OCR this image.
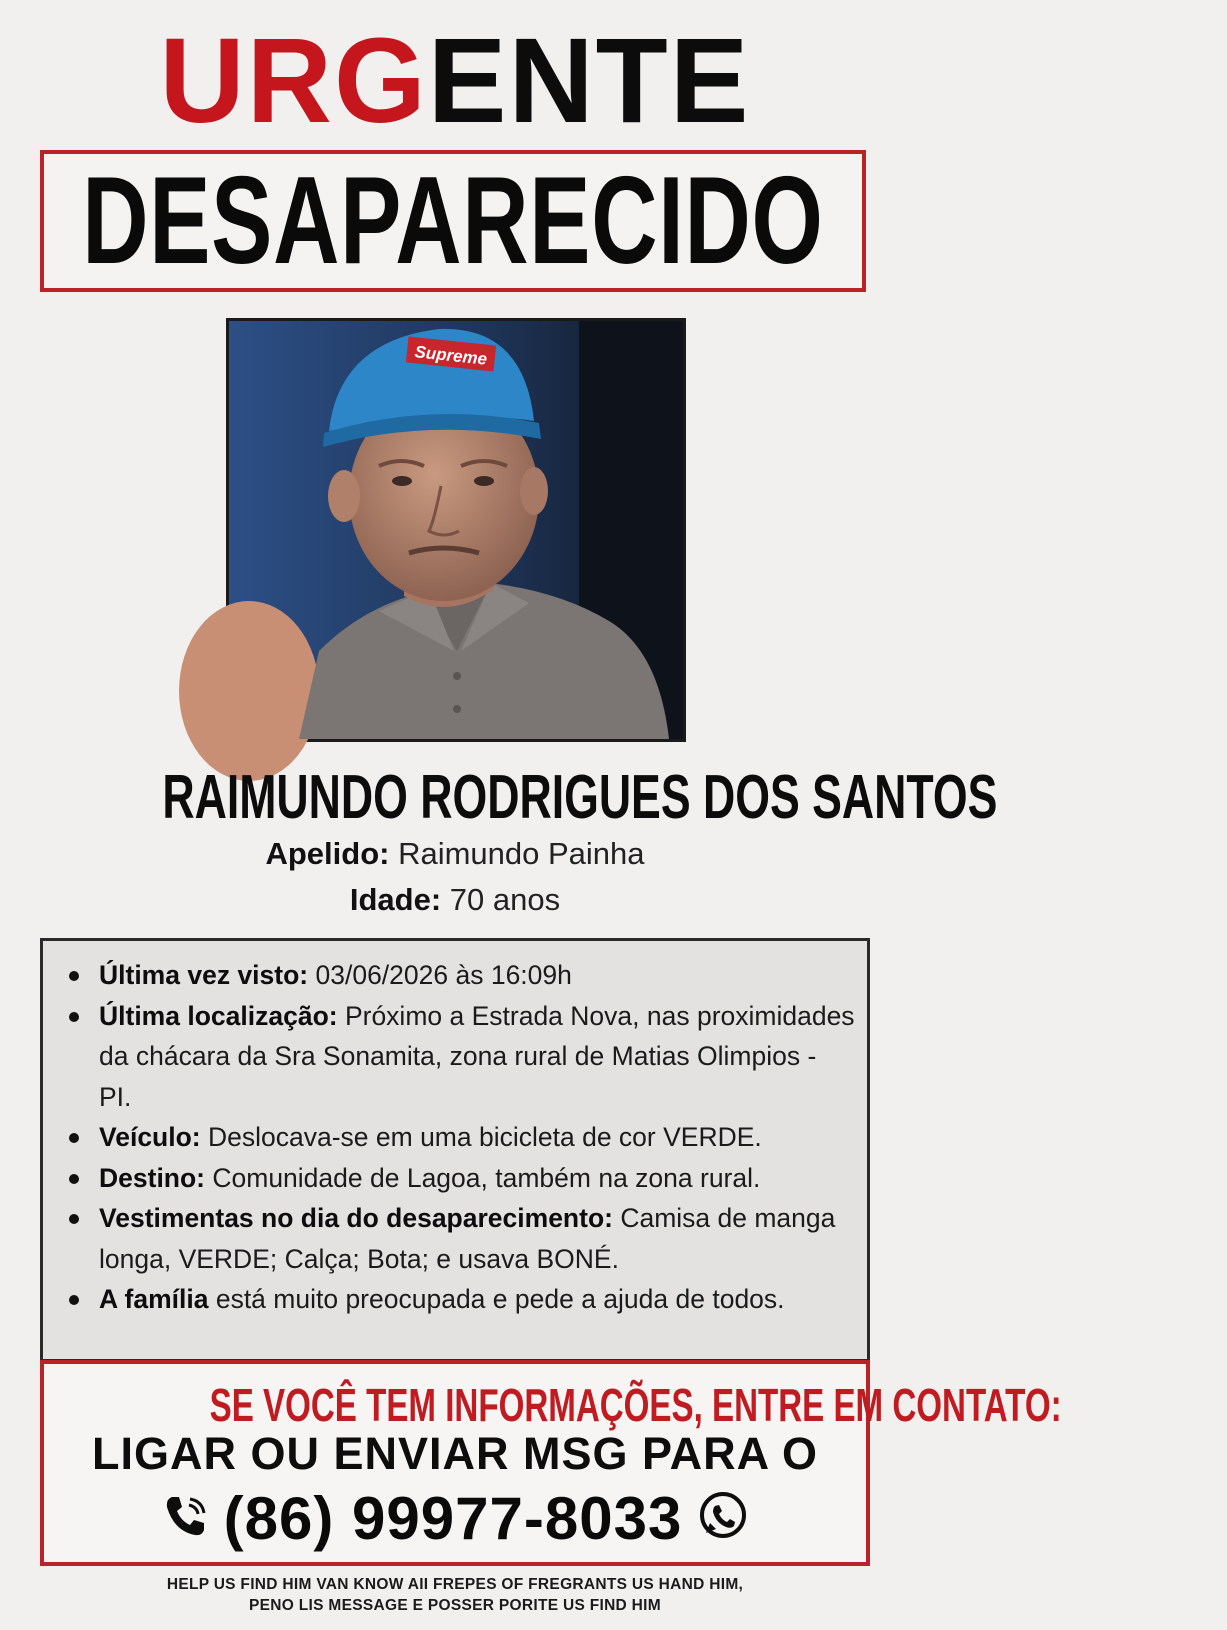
URGENTE
DESAPARECIDO
Supreme
RAIMUNDO RODRIGUES DOS SANTOS
Apelido: Raimundo Painha
Idade: 70 anos
Última vez visto: 03/06/2026 às 16:09h
Última localização: Próximo a Estrada Nova, nas proximidades da chácara da Sra Sonamita, zona rural de Matias Olimpios - PI.
Veículo: Deslocava-se em uma bicicleta de cor VERDE.
Destino: Comunidade de Lagoa, também na zona rural.
Vestimentas no dia do desaparecimento: Camisa de manga longa, VERDE; Calça; Bota; e usava BONÉ.
A família está muito preocupada e pede a ajuda de todos.
SE VOCÊ TEM INFORMAÇÕES, ENTRE EM CONTATO:
LIGAR OU ENVIAR MSG PARA O
(86) 99977-8033
HELP US FIND HIM VAN KNOW AII FREPES OF FREGRANTS US HAND HIM,
PENO LIS MESSAGE E POSSER PORITE US FIND HIM
